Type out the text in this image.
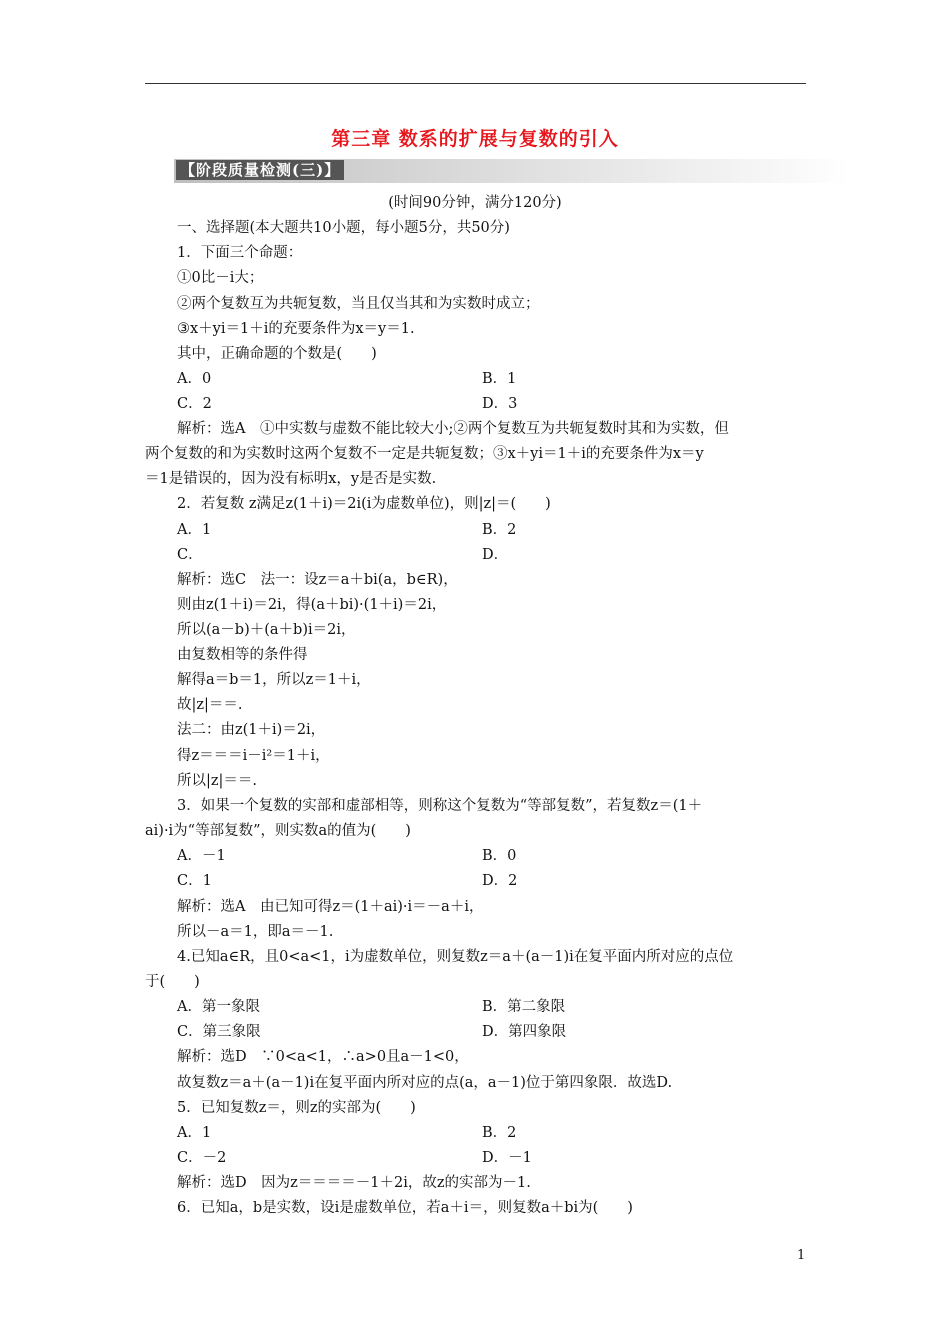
第三章 数系的扩展与复数的引入
【阶段质量检测(三)】
(时间90分钟，满分120分)
一、选择题(本大题共10小题，每小题5分，共50分)
1．下面三个命题：
①0比－i大；
②两个复数互为共轭复数，当且仅当其和为实数时成立；
③x＋yi＝1＋i的充要条件为x＝y＝1.
其中，正确命题的个数是(　　)
A．0	B．1
C．2	D．3
解析：选A　①中实数与虚数不能比较大小;②两个复数互为共轭复数时其和为实数，但
两个复数的和为实数时这两个复数不一定是共轭复数；③x＋yi＝1＋i的充要条件为x＝y
＝1是错误的，因为没有标明x，y是否是实数.
2．若复数 z满足z(1＋i)＝2i(i为虚数单位)，则|z|＝(　　)
A．1	B．2
C．	D．
解析：选C　法一：设z＝a＋bi(a，b∈R)，
则由z(1＋i)＝2i，得(a＋bi)·(1＋i)＝2i，
所以(a－b)＋(a＋b)i＝2i，
由复数相等的条件得
解得a＝b＝1，所以z＝1＋i，
故|z|＝＝.
法二：由z(1＋i)＝2i，
得z＝＝＝i－i²＝1＋i，
所以|z|＝＝.
3．如果一个复数的实部和虚部相等，则称这个复数为“等部复数”，若复数z＝(1＋
ai)·i为“等部复数”，则实数a的值为(　　)
A．－1	B．0
C．1	D．2
解析：选A　由已知可得z＝(1＋ai)·i＝－a＋i，
所以－a＝1，即a＝－1.
4.已知a∈R，且0<a<1，i为虚数单位，则复数z＝a＋(a－1)i在复平面内所对应的点位
于(　　)
A．第一象限	B．第二象限
C．第三象限	D．第四象限
解析：选D　∵0<a<1，∴a>0且a－1<0，
故复数z＝a＋(a－1)i在复平面内所对应的点(a，a－1)位于第四象限．故选D.
5．已知复数z＝，则z的实部为(　　)
A．1	B．2
C．－2	D．－1
解析：选D　因为z＝＝＝＝－1＋2i，故z的实部为－1.
6．已知a，b是实数，设i是虚数单位，若a＋i＝，则复数a＋bi为(　　)
1
